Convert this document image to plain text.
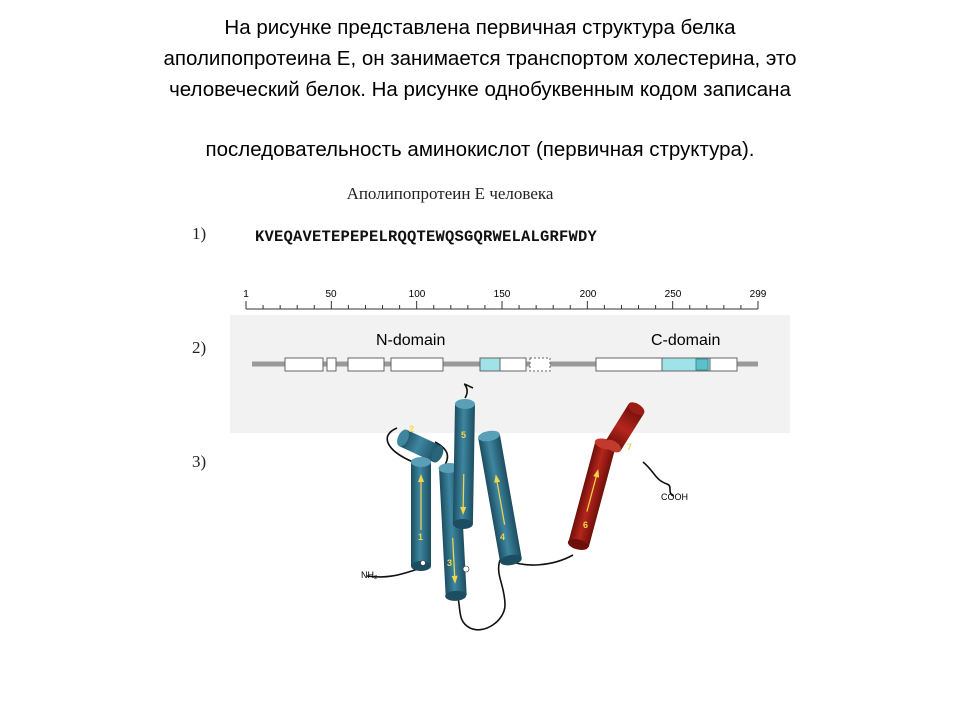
На рисунке представлена первичная структура белка
аполипопротеина Е, он занимается транспортом холестерина, это
человеческий белок. На рисунке однобуквенным кодом записана
последовательность аминокислот (первичная структура).
Аполипопротеин Е человека
1)
2)
3)
KVEQAVETEPEPELRQQTEWQSGQRWELALGRFWDY
1	50	100	150	200	250	299
N-domain	C-domain
1
2
3
4
5
6
7
NH₂
COOH
